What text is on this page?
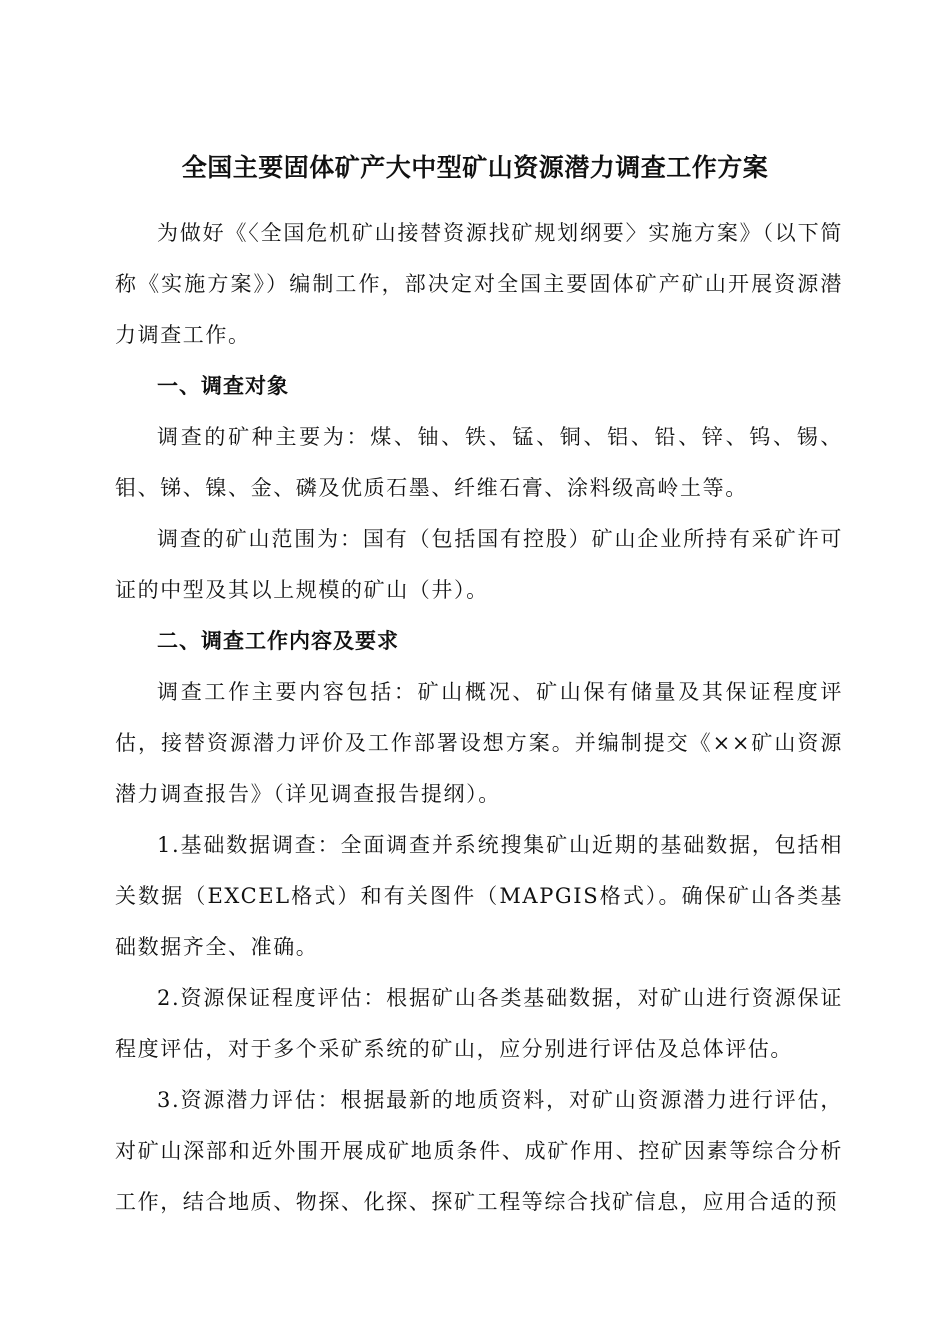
全国主要固体矿产大中型矿山资源潜力调查工作方案

为做好《〈全国危机矿山接替资源找矿规划纲要〉实施方案》（以下简称《实施方案》）编制工作，部决定对全国主要固体矿产矿山开展资源潜力调查工作。

一、调查对象

调查的矿种主要为：煤、铀、铁、锰、铜、铝、铅、锌、钨、锡、钼、锑、镍、金、磷及优质石墨、纤维石膏、涂料级高岭土等。

调查的矿山范围为：国有（包括国有控股）矿山企业所持有采矿许可证的中型及其以上规模的矿山（井）。

二、调查工作内容及要求

调查工作主要内容包括：矿山概况、矿山保有储量及其保证程度评估，接替资源潜力评价及工作部署设想方案。并编制提交《××矿山资源潜力调查报告》（详见调查报告提纲）。

1.基础数据调查：全面调查并系统搜集矿山近期的基础数据，包括相关数据（EXCEL格式）和有关图件（MAPGIS格式）。确保矿山各类基础数据齐全、准确。

2.资源保证程度评估：根据矿山各类基础数据，对矿山进行资源保证程度评估，对于多个采矿系统的矿山，应分别进行评估及总体评估。

3.资源潜力评估：根据最新的地质资料，对矿山资源潜力进行评估，对矿山深部和近外围开展成矿地质条件、成矿作用、控矿因素等综合分析工作，结合地质、物探、化探、探矿工程等综合找矿信息，应用合适的预
